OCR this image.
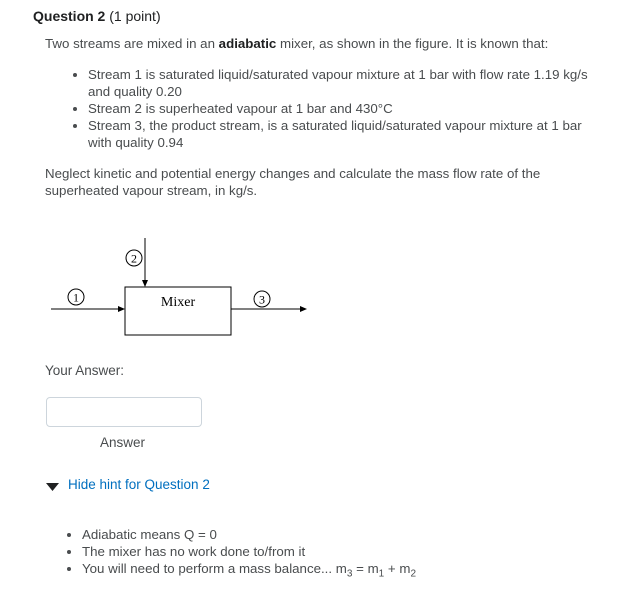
Question 2 (1 point)

Two streams are mixed in an adiabatic mixer, as shown in the figure. It is known that:

• Stream 1 is saturated liquid/saturated vapour mixture at 1 bar with flow rate 1.19 kg/s and quality 0.20
• Stream 2 is superheated vapour at 1 bar and 430°C
• Stream 3, the product stream, is a saturated liquid/saturated vapour mixture at 1 bar with quality 0.94

Neglect kinetic and potential energy changes and calculate the mass flow rate of the superheated vapour stream, in kg/s.

1
2
3
Mixer
Your Answer:
Answer
Hide hint for Question 2
• Adiabatic means Q = 0
• The mixer has no work done to/from it
• You will need to perform a mass balance... $m_3 = m_1 + m_2$
